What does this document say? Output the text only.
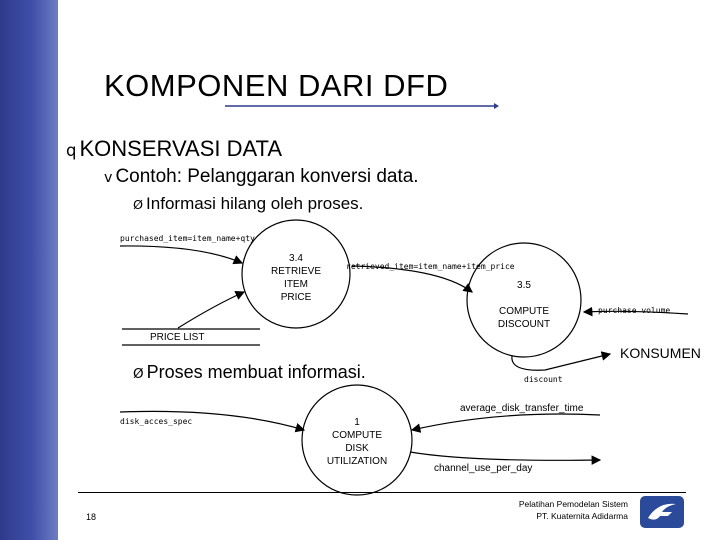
KOMPONEN DARI DFD
q KONSERVASI DATA
v Contoh: Pelanggaran konversi data.
Ø Informasi hilang oleh proses.
Ø Proses membuat informasi.
purchased_item=item_name+qty
retrieved_item=item_name+item_price
purchase volume
discount
disk_acces_spec
average_disk_transfer_time
channel_use_per_day
3.4
RETRIEVE
ITEM
PRICE
3.5
COMPUTE
DISCOUNT
1
COMPUTE
DISK
UTILIZATION
PRICE LIST
KONSUMEN
18
Pelatihan Pemodelan Sistem
PT. Kuaternita Adidarma
